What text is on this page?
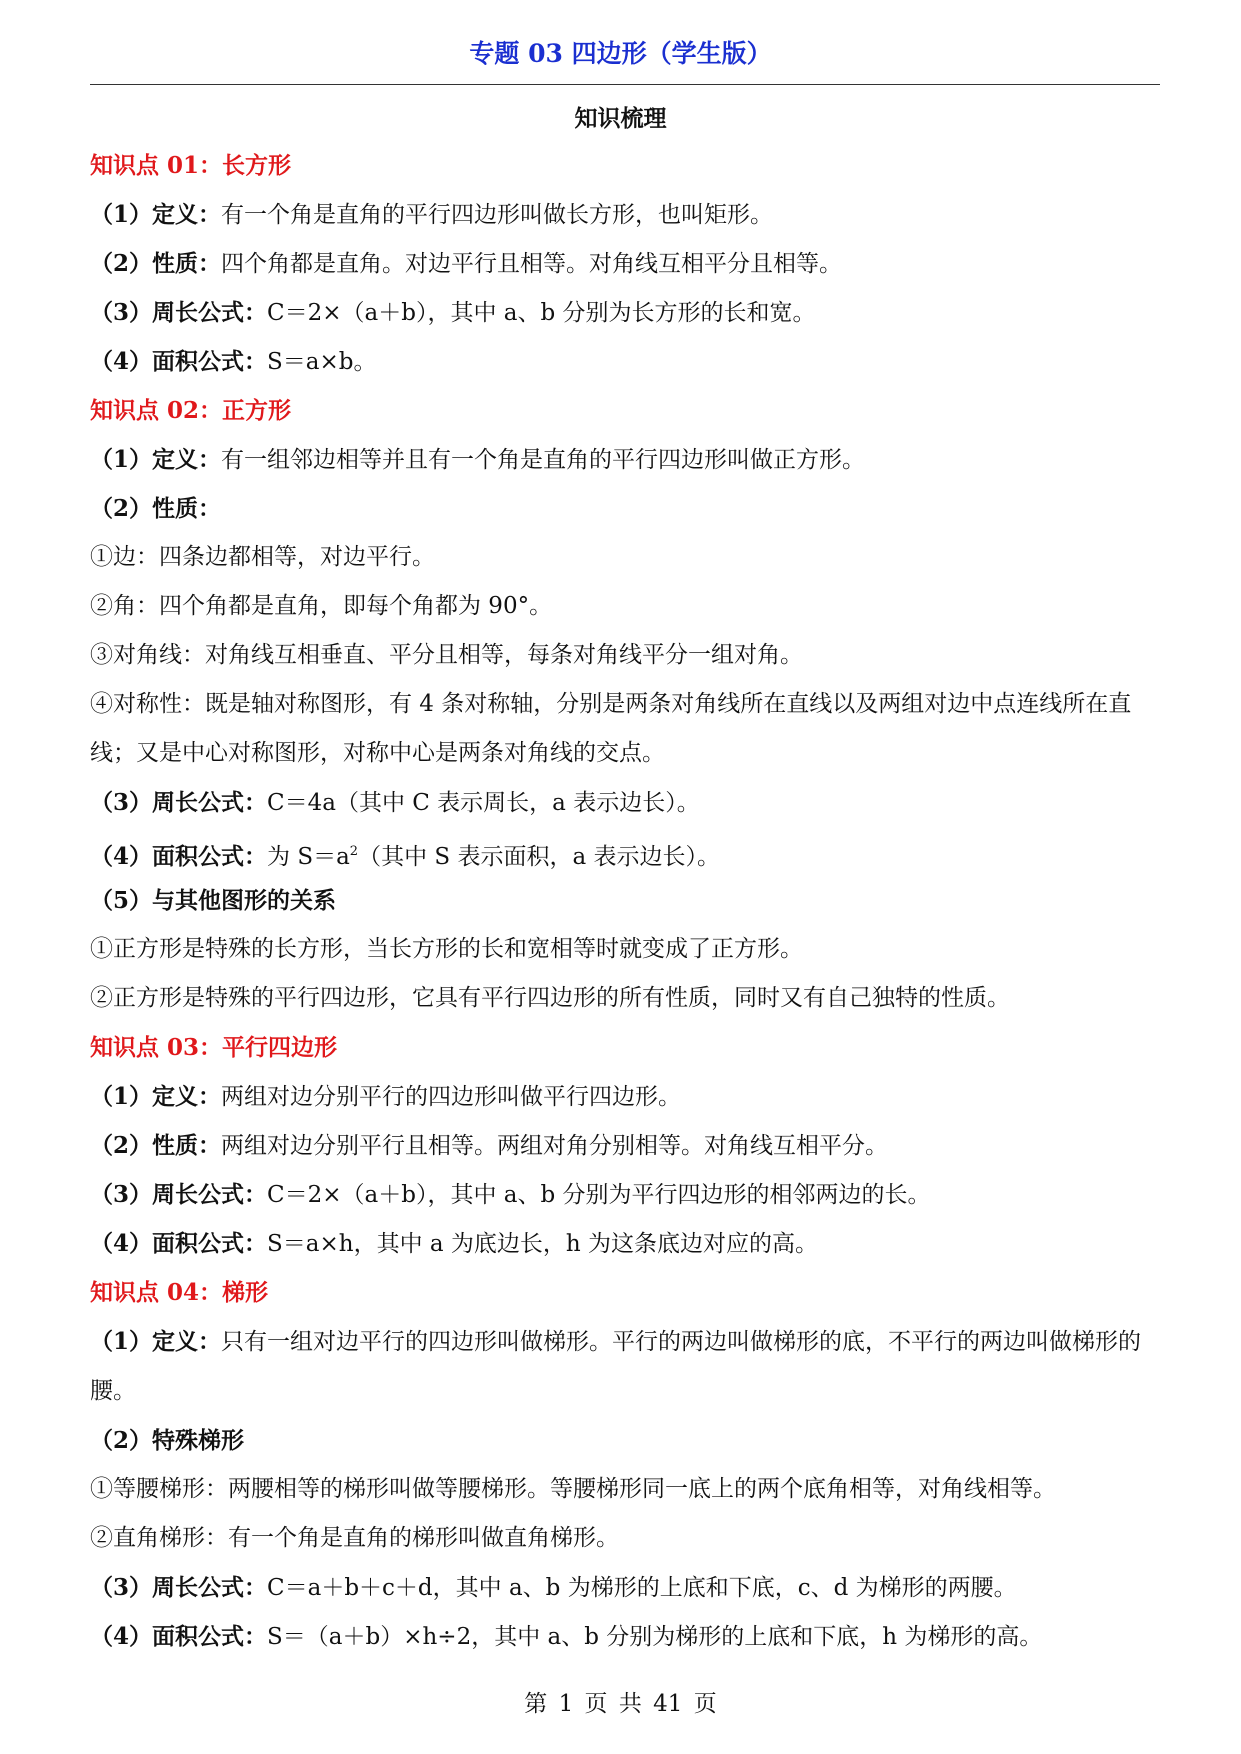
专题 03 四边形（学生版）
知识梳理
知识点 01：长方形
（1）定义：有一个角是直角的平行四边形叫做长方形，也叫矩形。
（2）性质：四个角都是直角。对边平行且相等。对角线互相平分且相等。
（3）周长公式：C＝2×（a＋b），其中 a、b 分别为长方形的长和宽。
（4）面积公式：S＝a×b。
知识点 02：正方形
（1）定义：有一组邻边相等并且有一个角是直角的平行四边形叫做正方形。
（2）性质：
①边：四条边都相等，对边平行。
②角：四个角都是直角，即每个角都为 90°。
③对角线：对角线互相垂直、平分且相等，每条对角线平分一组对角。
④对称性：既是轴对称图形，有 4 条对称轴，分别是两条对角线所在直线以及两组对边中点连线所在直线；又是中心对称图形，对称中心是两条对角线的交点。
（3）周长公式：C＝4a（其中 C 表示周长，a 表示边长）。
（4）面积公式：为 $S=a^2$（其中 S 表示面积，a 表示边长）。
（5）与其他图形的关系
①正方形是特殊的长方形，当长方形的长和宽相等时就变成了正方形。
②正方形是特殊的平行四边形，它具有平行四边形的所有性质，同时又有自己独特的性质。
知识点 03：平行四边形
（1）定义：两组对边分别平行的四边形叫做平行四边形。
（2）性质：两组对边分别平行且相等。两组对角分别相等。对角线互相平分。
（3）周长公式：C＝2×（a＋b），其中 a、b 分别为平行四边形的相邻两边的长。
（4）面积公式：S＝a×h，其中 a 为底边长，h 为这条底边对应的高。
知识点 04：梯形
（1）定义：只有一组对边平行的四边形叫做梯形。平行的两边叫做梯形的底，不平行的两边叫做梯形的腰。
（2）特殊梯形
①等腰梯形：两腰相等的梯形叫做等腰梯形。等腰梯形同一底上的两个底角相等，对角线相等。
②直角梯形：有一个角是直角的梯形叫做直角梯形。
（3）周长公式：C＝a＋b＋c＋d，其中 a、b 为梯形的上底和下底，c、d 为梯形的两腰。
（4）面积公式：S＝（a＋b）×h÷2，其中 a、b 分别为梯形的上底和下底，h 为梯形的高。
第 1 页 共 41 页
